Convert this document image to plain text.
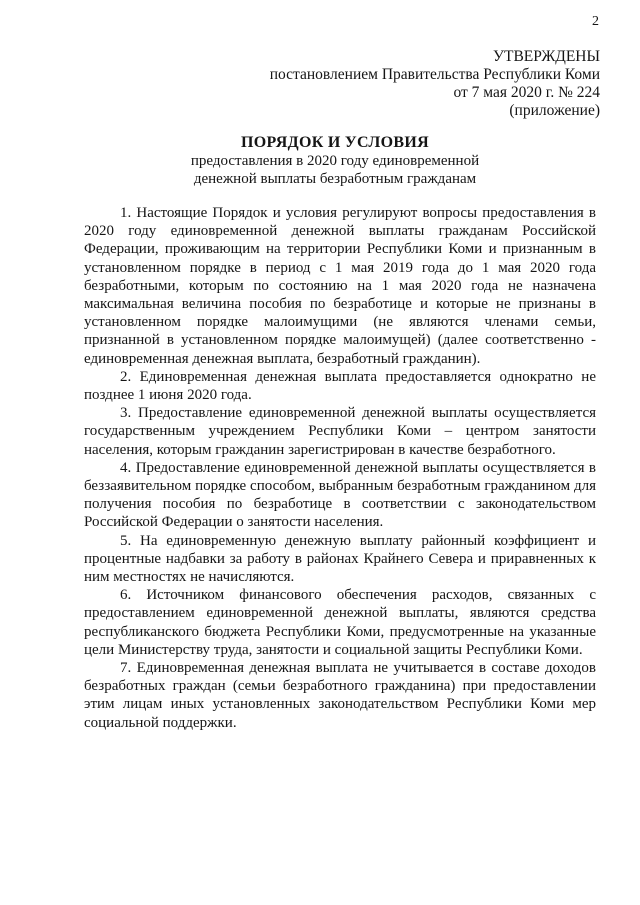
2
УТВЕРЖДЕНЫ
постановлением Правительства Республики Коми
от 7 мая 2020 г. № 224
(приложение)
ПОРЯДОК И УСЛОВИЯ
предоставления в 2020 году единовременной
денежной выплаты безработным гражданам

1. Настоящие Порядок и условия регулируют вопросы предоставления в 2020 году единовременной денежной выплаты гражданам Российской Федерации, проживающим на территории Республики Коми и признанным в установленном порядке в период с 1 мая 2019 года до 1 мая 2020 года безработными, которым по состоянию на 1 мая 2020 года не назначена максимальная величина пособия по безработице и которые не признаны в установленном порядке малоимущими (не являются членами семьи, признанной в установленном порядке малоимущей) (далее соответственно - единовременная денежная выплата, безработный гражданин).

2. Единовременная денежная выплата предоставляется однократно не позднее 1 июня 2020 года.

3. Предоставление единовременной денежной выплаты осуществляется государственным учреждением Республики Коми – центром занятости населения, которым гражданин зарегистрирован в качестве безработного.

4. Предоставление единовременной денежной выплаты осуществляется в беззаявительном порядке способом, выбранным безработным гражданином для получения пособия по безработице в соответствии с законодательством Российской Федерации о занятости населения.

5. На единовременную денежную выплату районный коэффициент и процентные надбавки за работу в районах Крайнего Севера и приравненных к ним местностях не начисляются.

6. Источником финансового обеспечения расходов, связанных с предоставлением единовременной денежной выплаты, являются средства республиканского бюджета Республики Коми, предусмотренные на указанные цели Министерству труда, занятости и социальной защиты Республики Коми.

7. Единовременная денежная выплата не учитывается в составе доходов безработных граждан (семьи безработного гражданина) при предоставлении этим лицам иных установленных законодательством Республики Коми мер социальной поддержки.
